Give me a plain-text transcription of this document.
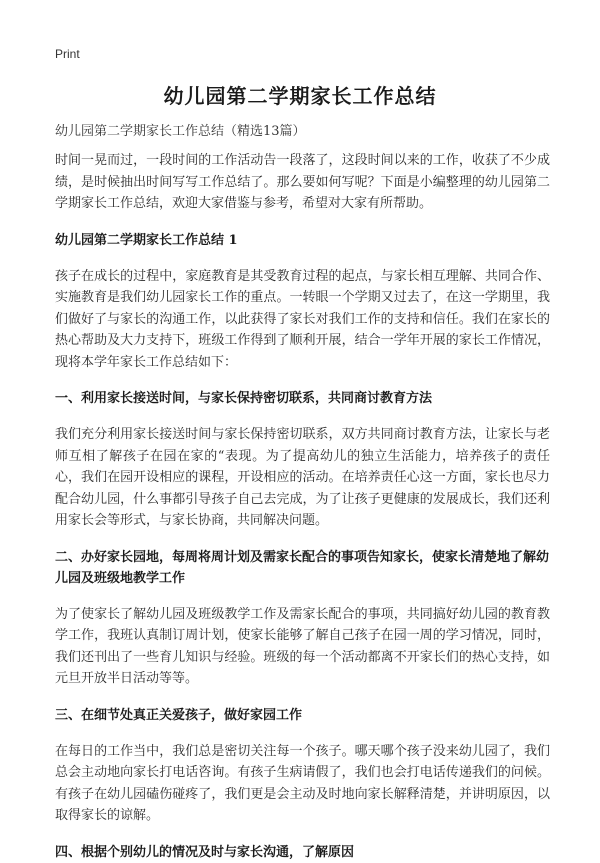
Print
幼儿园第二学期家长工作总结
幼儿园第二学期家长工作总结（精选13篇）

时间一晃而过，一段时间的工作活动告一段落了，这段时间以来的工作，收获了不少成绩，是时候抽出时间写写工作总结了。那么要如何写呢？下面是小编整理的幼儿园第二学期家长工作总结，欢迎大家借鉴与参考，希望对大家有所帮助。

幼儿园第二学期家长工作总结 1

孩子在成长的过程中，家庭教育是其受教育过程的起点，与家长相互理解、共同合作、实施教育是我们幼儿园家长工作的重点。一转眼一个学期又过去了，在这一学期里，我们做好了与家长的沟通工作，以此获得了家长对我们工作的支持和信任。我们在家长的热心帮助及大力支持下，班级工作得到了顺利开展，结合一学年开展的家长工作情况，现将本学年家长工作总结如下：

一、利用家长接送时间，与家长保持密切联系，共同商讨教育方法

我们充分利用家长接送时间与家长保持密切联系，双方共同商讨教育方法，让家长与老师互相了解孩子在园在家的“表现。为了提高幼儿的独立生活能力，培养孩子的责任心，我们在园开设相应的课程，开设相应的活动。在培养责任心这一方面，家长也尽力配合幼儿园，什么事都引导孩子自己去完成，为了让孩子更健康的发展成长，我们还利用家长会等形式，与家长协商，共同解决问题。

二、办好家长园地，每周将周计划及需家长配合的事项告知家长，使家长清楚地了解幼儿园及班级地教学工作

为了使家长了解幼儿园及班级教学工作及需家长配合的事项，共同搞好幼儿园的教育教学工作，我班认真制订周计划，使家长能够了解自己孩子在园一周的学习情况，同时，我们还刊出了一些育儿知识与经验。班级的每一个活动都离不开家长们的热心支持，如元旦开放半日活动等等。

三、在细节处真正关爱孩子，做好家园工作

在每日的工作当中，我们总是密切关注每一个孩子。哪天哪个孩子没来幼儿园了，我们总会主动地向家长打电话咨询。有孩子生病请假了，我们也会打电话传递我们的问候。有孩子在幼儿园磕伤碰疼了，我们更是会主动及时地向家长解释清楚，并讲明原因，以取得家长的谅解。

四、根据个别幼儿的情况及时与家长沟通，了解原因
